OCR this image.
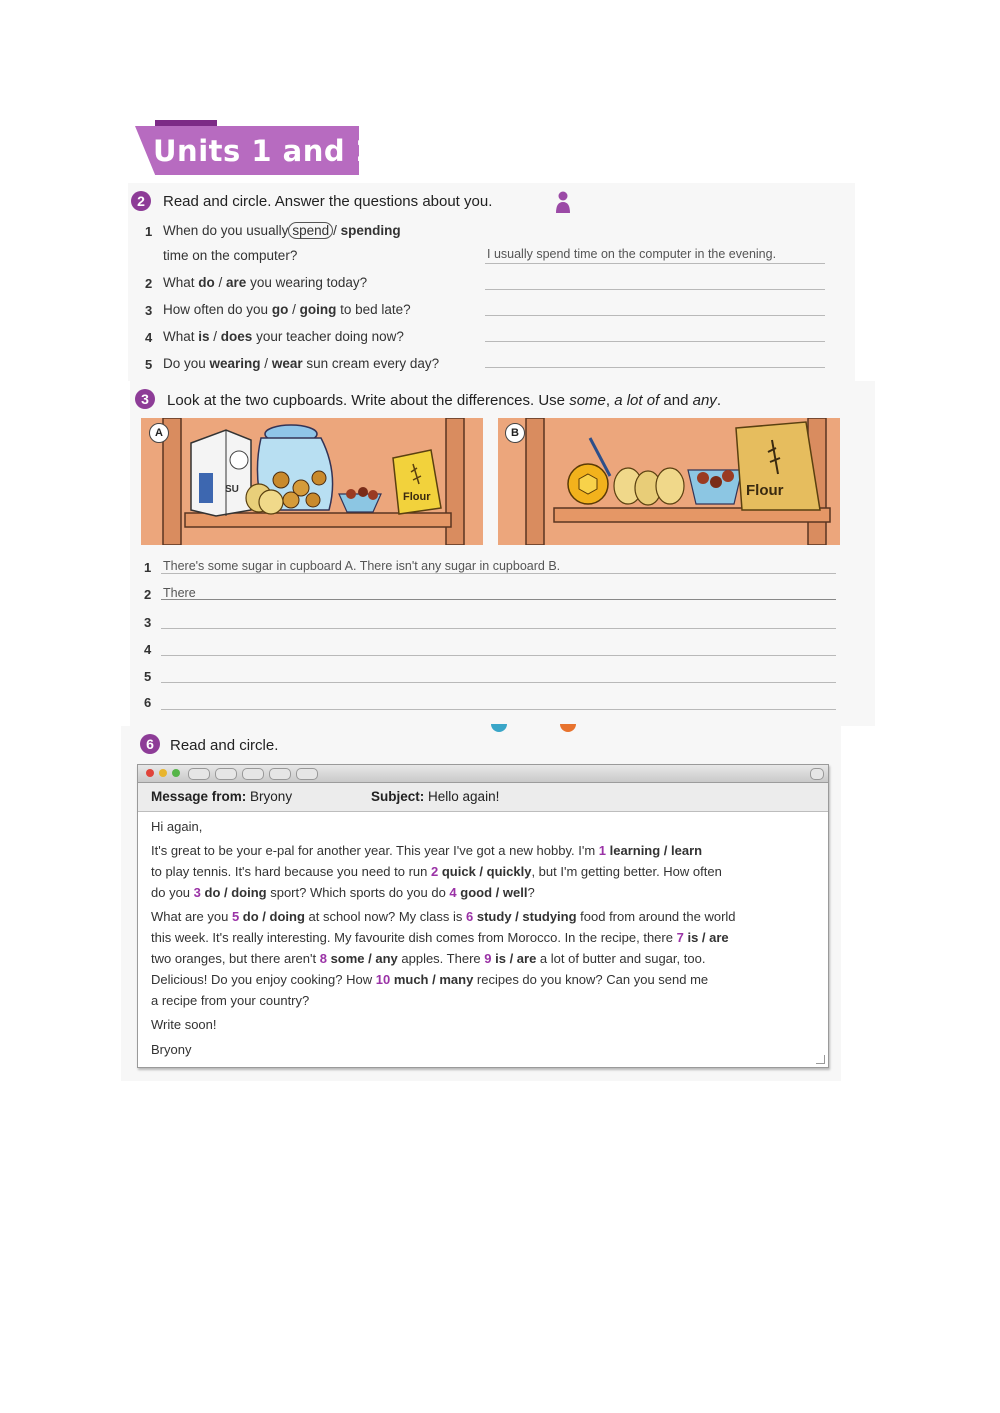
Units 1 and 2
2	Read and circle. Answer the questions about you.
1 When do you usually spend / spending
time on the computer?	I usually spend time on the computer in the evening.
2 What do / are you wearing today?
3 How often do you go / going to bed late?
4 What is / does your teacher doing now?
5 Do you wearing / wear sun cream every day?
3	Look at the two cupboards. Write about the differences. Use some, a lot of and any.
A
SU
Flour
B
Flour
1 There's some sugar in cupboard A. There isn't any sugar in cupboard B.
2 There
3
4
5
6
6	Read and circle.
Message from: Bryony	Subject: Hello again!
Hi again,

It's great to be your e-pal for another year. This year I've got a new hobby. I'm 1 learning / learn

to play tennis. It's hard because you need to run 2 quick / quickly, but I'm getting better. How often

do you 3 do / doing sport? Which sports do you do 4 good / well?

What are you 5 do / doing at school now? My class is 6 study / studying food from around the world

this week. It's really interesting. My favourite dish comes from Morocco. In the recipe, there 7 is / are

two oranges, but there aren't 8 some / any apples. There 9 is / are a lot of butter and sugar, too.

Delicious! Do you enjoy cooking? How 10 much / many recipes do you know? Can you send me

a recipe from your country?

Write soon!
Bryony
